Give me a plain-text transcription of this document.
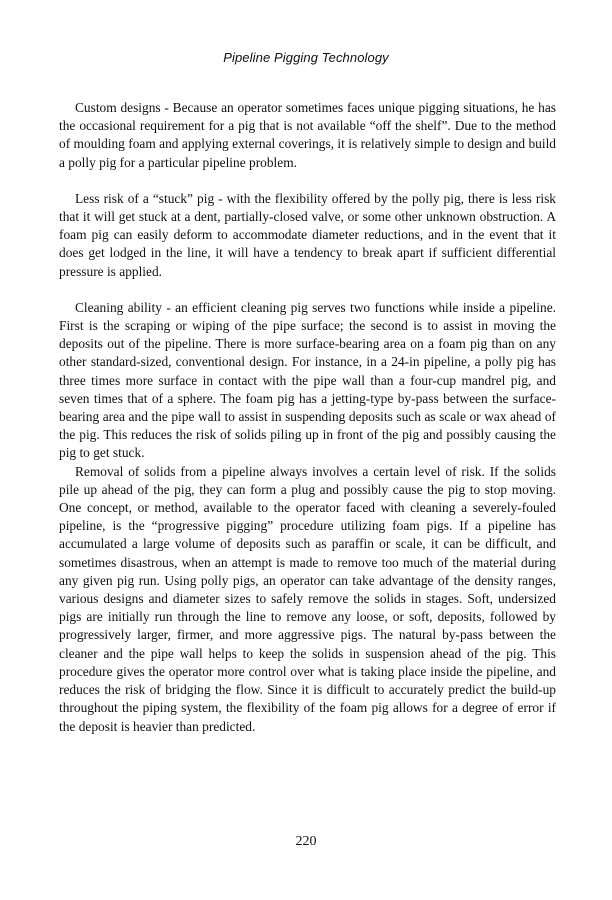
Pipeline Pigging Technology

Custom designs - Because an operator sometimes faces unique pigging situations, he has the occasional requirement for a pig that is not available “off the shelf”. Due to the method of moulding foam and applying external coverings, it is relatively simple to design and build a polly pig for a particular pipeline problem.

Less risk of a “stuck” pig - with the flexibility offered by the polly pig, there is less risk that it will get stuck at a dent, partially-closed valve, or some other unknown obstruction. A foam pig can easily deform to accommodate diameter reductions, and in the event that it does get lodged in the line, it will have a tendency to break apart if sufficient differential pressure is applied.

Cleaning ability - an efficient cleaning pig serves two functions while inside a pipeline. First is the scraping or wiping of the pipe surface; the second is to assist in moving the deposits out of the pipeline. There is more surface-bearing area on a foam pig than on any other standard-sized, conventional design. For instance, in a 24-in pipeline, a polly pig has three times more surface in contact with the pipe wall than a four-cup mandrel pig, and seven times that of a sphere. The foam pig has a jetting-type by-pass between the surface-bearing area and the pipe wall to assist in suspending deposits such as scale or wax ahead of the pig. This reduces the risk of solids piling up in front of the pig and possibly causing the pig to get stuck.

Removal of solids from a pipeline always involves a certain level of risk. If the solids pile up ahead of the pig, they can form a plug and possibly cause the pig to stop moving. One concept, or method, available to the operator faced with cleaning a severely-fouled pipeline, is the “progressive pigging” procedure utilizing foam pigs. If a pipeline has accumulated a large volume of deposits such as paraffin or scale, it can be difficult, and sometimes disastrous, when an attempt is made to remove too much of the material during any given pig run. Using polly pigs, an operator can take advantage of the density ranges, various designs and diameter sizes to safely remove the solids in stages. Soft, undersized pigs are initially run through the line to remove any loose, or soft, deposits, followed by progressively larger, firmer, and more aggressive pigs. The natural by-pass between the cleaner and the pipe wall helps to keep the solids in suspension ahead of the pig. This procedure gives the operator more control over what is taking place inside the pipeline, and reduces the risk of bridging the flow. Since it is difficult to accurately predict the build-up throughout the piping system, the flexibility of the foam pig allows for a degree of error if the deposit is heavier than predicted.

220
